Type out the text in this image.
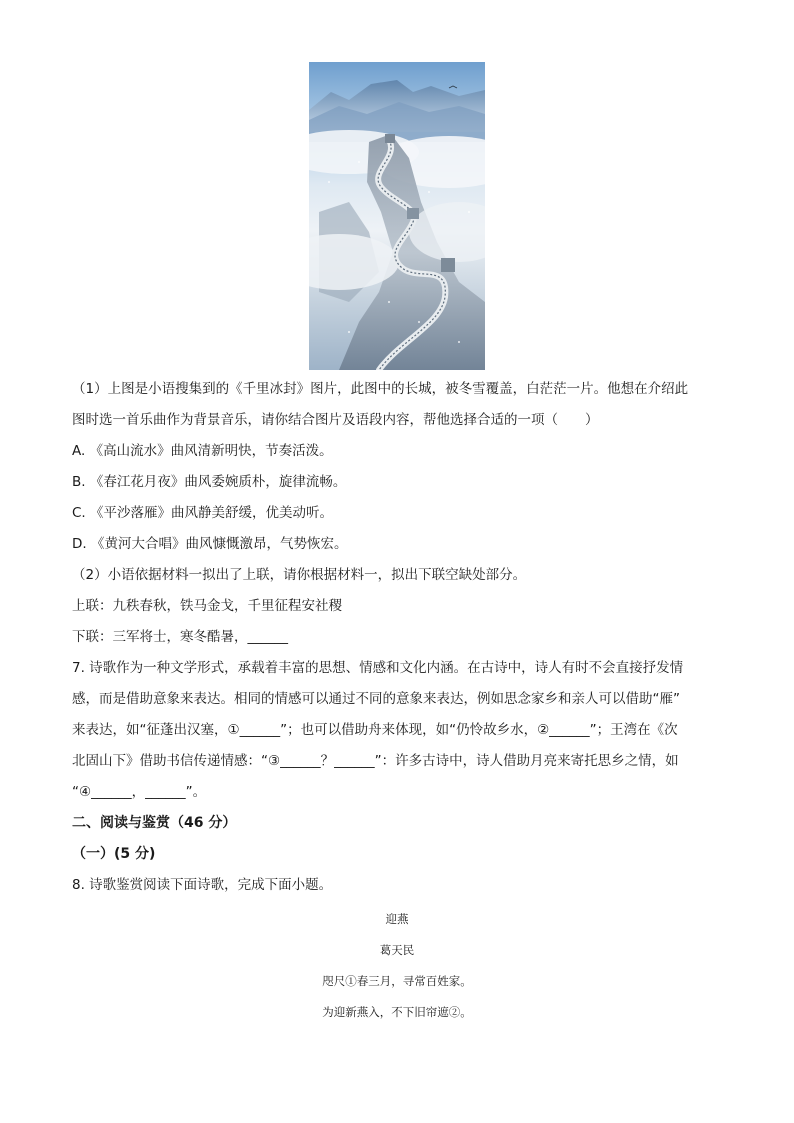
（1）上图是小语搜集到的《千里冰封》图片，此图中的长城，被冬雪覆盖，白茫茫一片。他想在介绍此
图时选一首乐曲作为背景音乐，请你结合图片及语段内容，帮他选择合适的一项（　　）
A. 《高山流水》曲风清新明快，节奏活泼。
B. 《春江花月夜》曲风委婉质朴，旋律流畅。
C. 《平沙落雁》曲风静美舒缓，优美动听。
D. 《黄河大合唱》曲风慷慨激昂，气势恢宏。
（2）小语依据材料一拟出了上联，请你根据材料一，拟出下联空缺处部分。
上联：九秩春秋，铁马金戈，千里征程安社稷
下联：三军将士，寒冬酷暑，______
7. 诗歌作为一种文学形式，承载着丰富的思想、情感和文化内涵。在古诗中，诗人有时不会直接抒发情
感，而是借助意象来表达。相同的情感可以通过不同的意象来表达，例如思念家乡和亲人可以借助“雁”
来表达，如“征蓬出汉塞，①______”；也可以借助舟来体现，如“仍怜故乡水，②______”；王湾在《次
北固山下》借助书信传递情感：“③______？______”：许多古诗中，诗人借助月亮来寄托思乡之情，如
“④______，______”。
二、阅读与鉴赏（46 分）
（一）(5 分)
8. 诗歌鉴赏阅读下面诗歌，完成下面小题。
迎燕
葛天民
咫尺①春三月，寻常百姓家。
为迎新燕入，不下旧帘遮②。
